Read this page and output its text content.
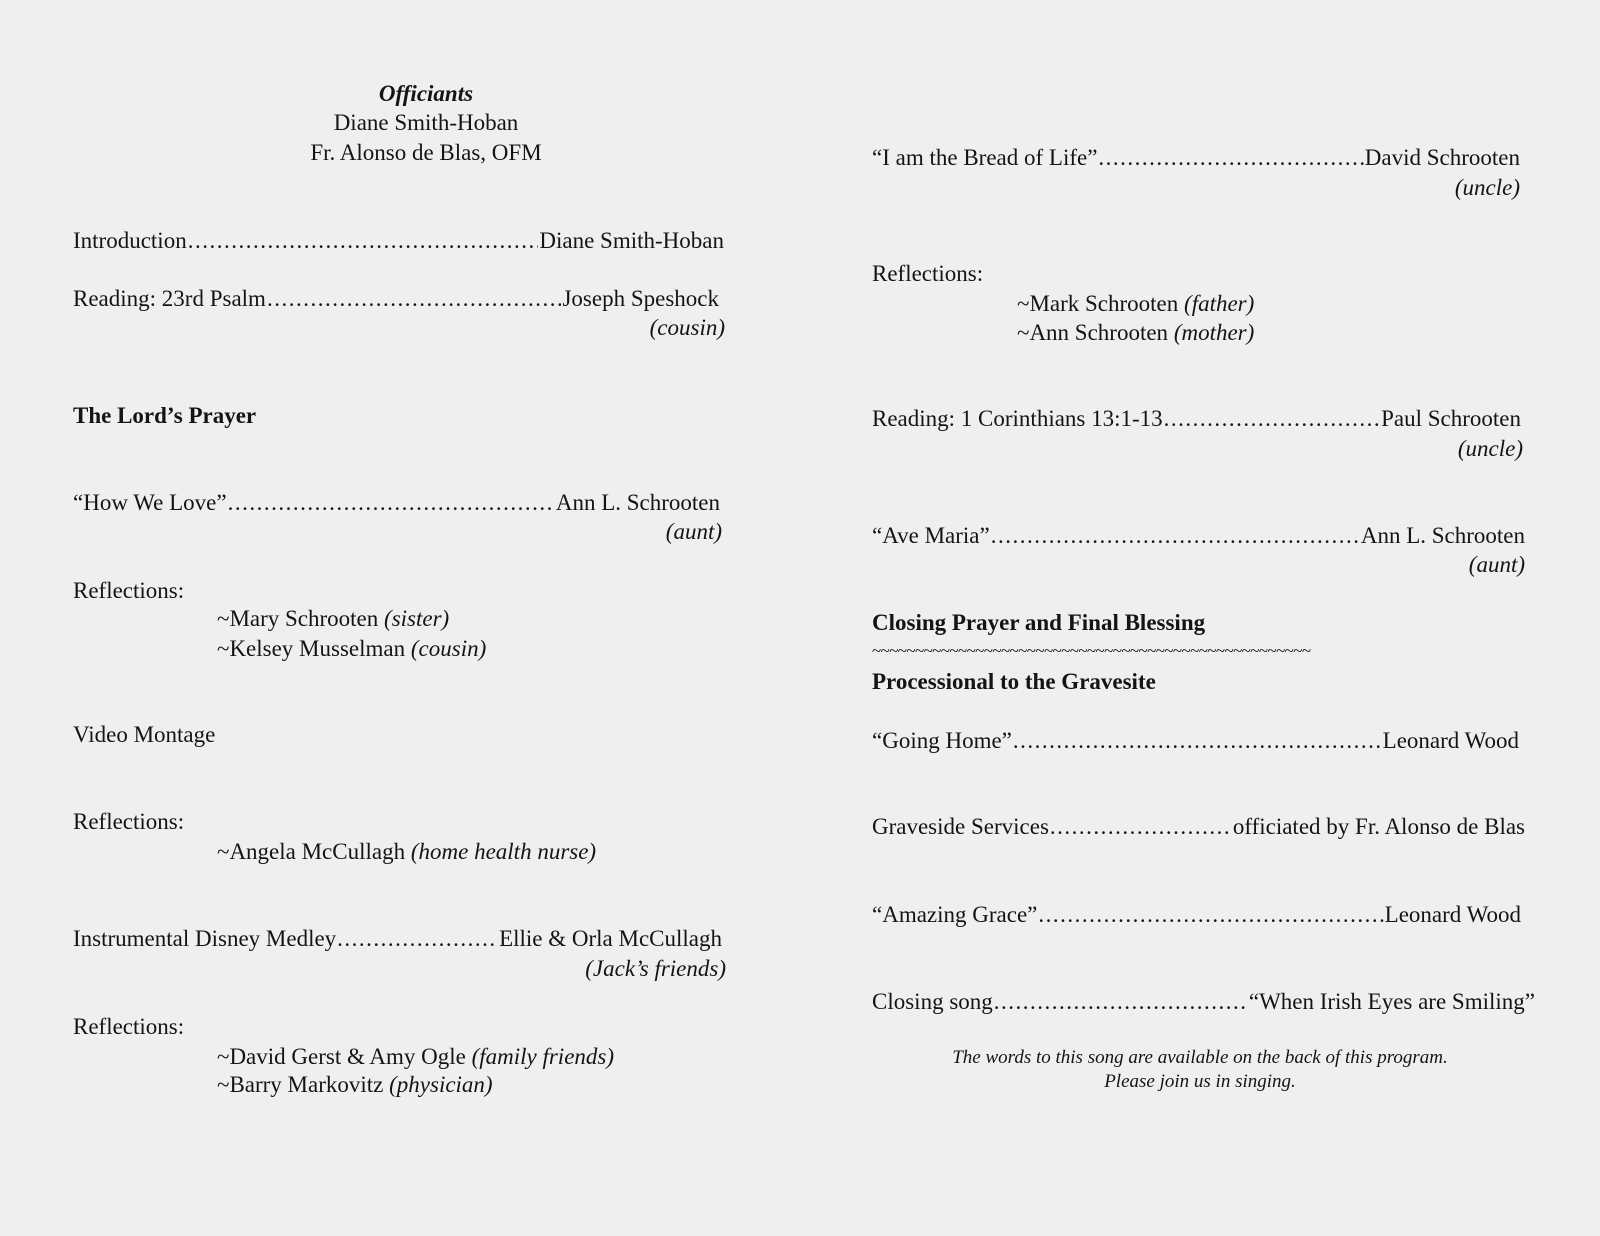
Officiants
Diane Smith-Hoban
Fr. Alonso de Blas, OFM
Introduction .....	Diane Smith-Hoban
Reading: 23rd Psalm .....	Joseph Speshock
(cousin)
The Lord’s Prayer
“How We Love” .....	Ann L. Schrooten
(aunt)
Reflections:
~Mary Schrooten (sister)
~Kelsey Musselman (cousin)
Video Montage
Reflections:
~Angela McCullagh (home health nurse)
Instrumental Disney Medley .....	Ellie & Orla McCullagh
(Jack’s friends)
Reflections:
~David Gerst & Amy Ogle (family friends)
~Barry Markovitz (physician)
“I am the Bread of Life” .....	David Schrooten
(uncle)
Reflections:
~Mark Schrooten (father)
~Ann Schrooten (mother)
Reading: 1 Corinthians 13:1-13 .....	Paul Schrooten
(uncle)
“Ave Maria” .....	Ann L. Schrooten
(aunt)
Closing Prayer and Final Blessing
~~~~~~~~~~~~~~~~~~~~~~~~~~~~~~~~~~~~~~~~~~~~~~~~~~~
Processional to the Gravesite
“Going Home” .....	Leonard Wood
Graveside Services .....	officiated by Fr. Alonso de Blas
“Amazing Grace” .....	Leonard Wood
Closing song .....	“When Irish Eyes are Smiling”
The words to this song are available on the back of this program.
Please join us in singing.
